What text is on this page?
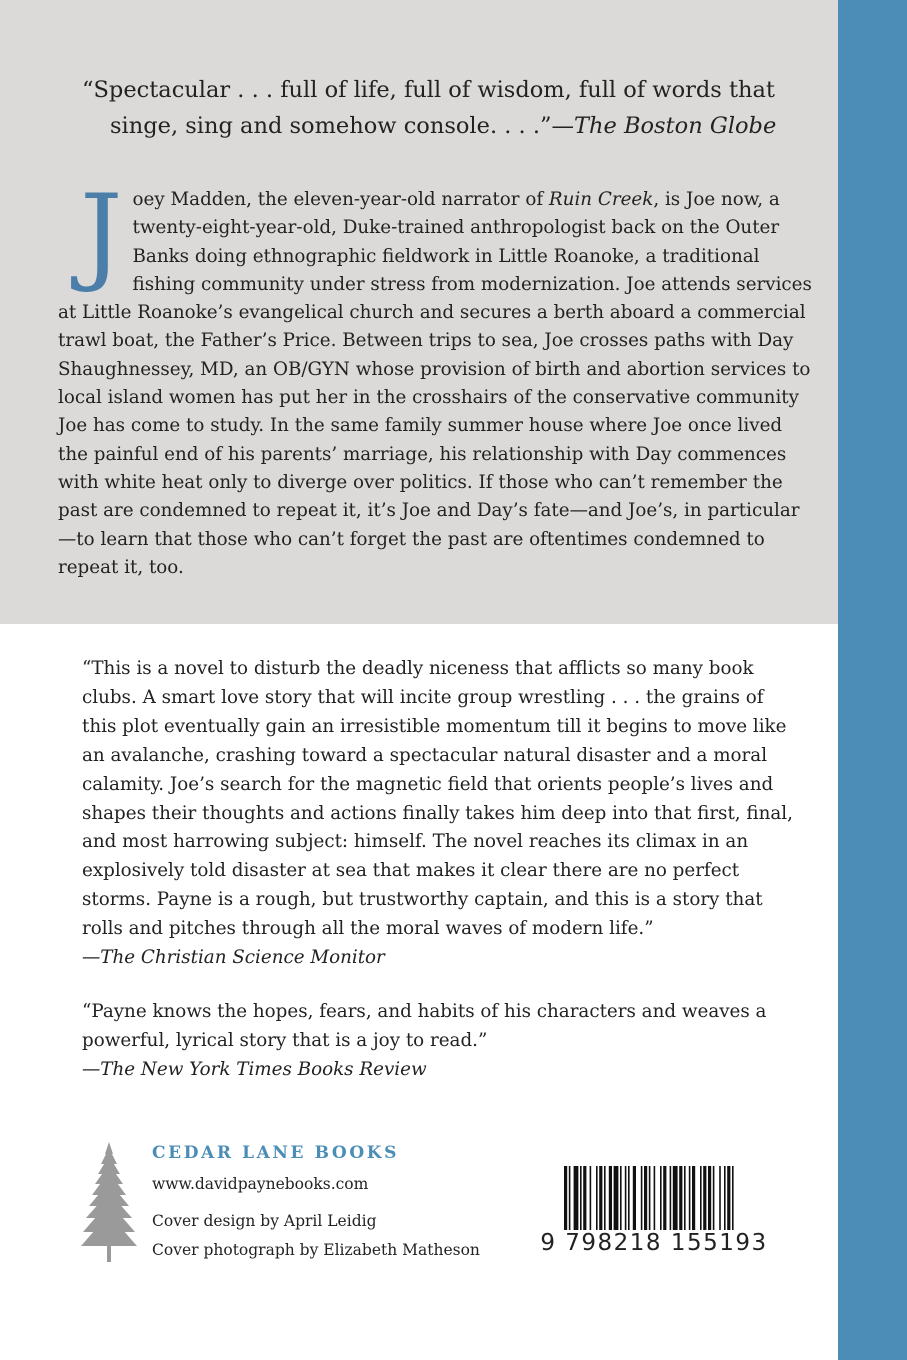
“Spectacular . . . full of life, full of wisdom, full of words that
singe, sing and somehow console. . . .”—The Boston Globe
Joey Madden, the eleven-year-old narrator of Ruin Creek, is Joe now, a twenty-eight-year-old, Duke-trained anthropologist back on the Outer Banks doing ethnographic fieldwork in Little Roanoke, a traditional fishing community under stress from modernization. Joe attends services at Little Roanoke’s evangelical church and secures a berth aboard a commercial trawl boat, the Father’s Price. Between trips to sea, Joe crosses paths with Day Shaughnessey, MD, an OB/GYN whose provision of birth and abortion services to local island women has put her in the crosshairs of the conservative community Joe has come to study. In the same family summer house where Joe once lived the painful end of his parents’ marriage, his relationship with Day commences with white heat only to diverge over politics. If those who can’t remember the past are condemned to repeat it, it’s Joe and Day’s fate—and Joe’s, in particular—to learn that those who can’t forget the past are oftentimes condemned to repeat it, too.

“This is a novel to disturb the deadly niceness that afflicts so many book clubs. A smart love story that will incite group wrestling . . . the grains of this plot eventually gain an irresistible momentum till it begins to move like an avalanche, crashing toward a spectacular natural disaster and a moral calamity. Joe’s search for the magnetic field that orients people’s lives and shapes their thoughts and actions finally takes him deep into that first, final, and most harrowing subject: himself. The novel reaches its climax in an explosively told disaster at sea that makes it clear there are no perfect storms. Payne is a rough, but trustworthy captain, and this is a story that rolls and pitches through all the moral waves of modern life.”

—The Christian Science Monitor

“Payne knows the hopes, fears, and habits of his characters and weaves a powerful, lyrical story that is a joy to read.”

—The New York Times Books Review

CEDAR LANE BOOKS
www.davidpaynebooks.com
Cover design by April Leidig
Cover photograph by Elizabeth Matheson	9 798218 155193
